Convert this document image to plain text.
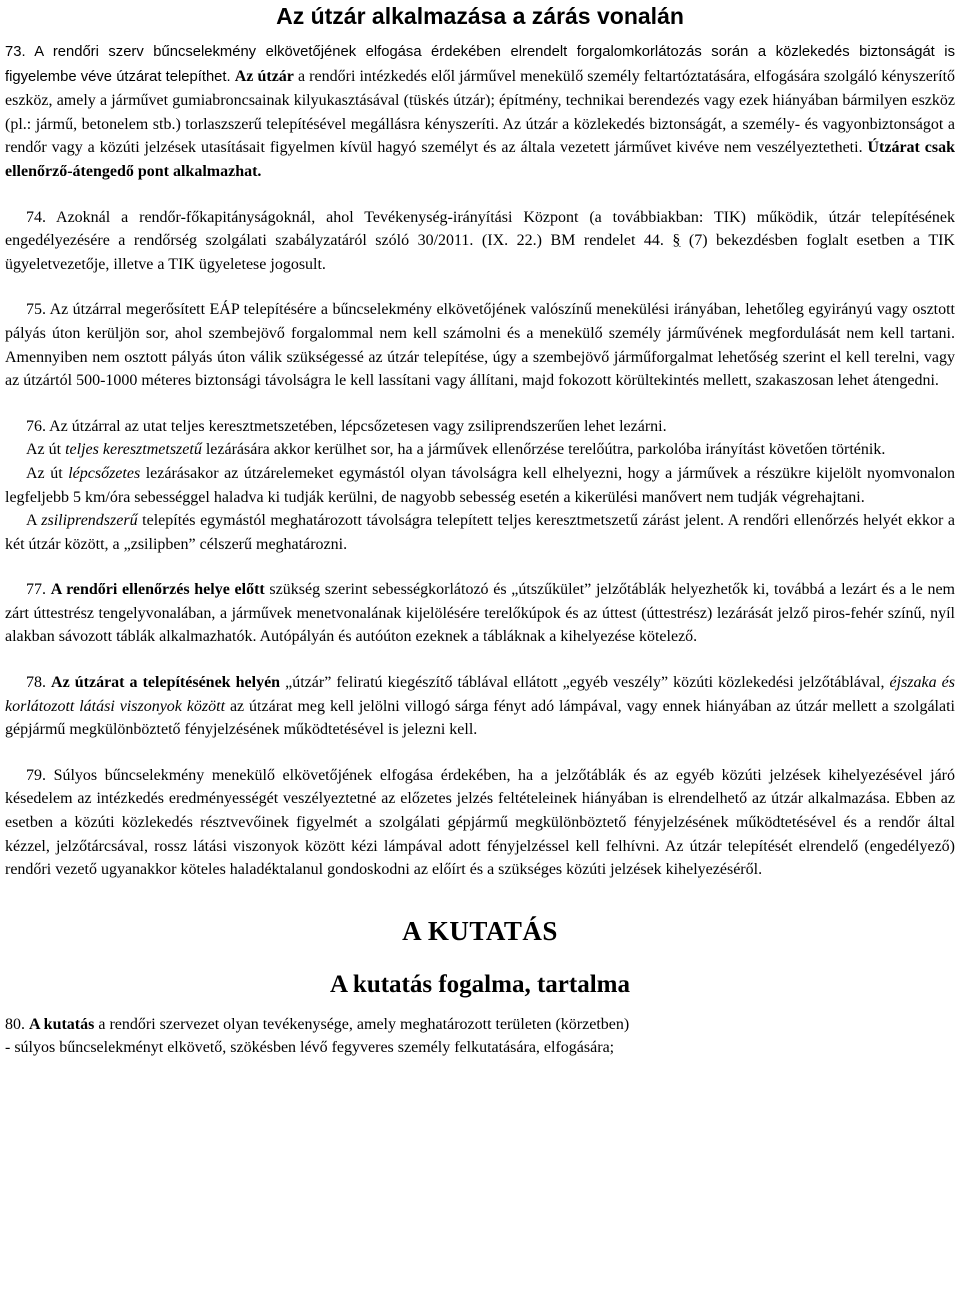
Az útzár alkalmazása a zárás vonalán

73. A rendőri szerv bűncselekmény elkövetőjének elfogása érdekében elrendelt forgalomkorlátozás során a közlekedés biztonságát is figyelembe véve útzárat telepíthet. Az útzár a rendőri intézkedés elől járművel menekülő személy feltartóztatására, elfogására szolgáló kényszerítő eszköz, amely a járművet gumiabroncsainak kilyukasztásával (tüskés útzár); építmény, technikai berendezés vagy ezek hiányában bármilyen eszköz (pl.: jármű, betonelem stb.) torlaszszerű telepítésével megállásra kényszeríti. Az útzár a közlekedés biztonságát, a személy- és vagyonbiztonságot a rendőr vagy a közúti jelzések utasításait figyelmen kívül hagyó személyt és az általa vezetett járművet kivéve nem veszélyeztetheti. Útzárat csak ellenőrző-átengedő pont alkalmazhat.

74. Azoknál a rendőr-főkapitányságoknál, ahol Tevékenység-irányítási Központ (a továbbiakban: TIK) működik, útzár telepítésének engedélyezésére a rendőrség szolgálati szabályzatáról szóló 30/2011. (IX. 22.) BM rendelet 44. § (7) bekezdésben foglalt esetben a TIK ügyeletvezetője, illetve a TIK ügyeletese jogosult.

75. Az útzárral megerősített EÁP telepítésére a bűncselekmény elkövetőjének valószínű menekülési irányában, lehetőleg egyirányú vagy osztott pályás úton kerüljön sor, ahol szembejövő forgalommal nem kell számolni és a menekülő személy járművének megfordulását nem kell tartani. Amennyiben nem osztott pályás úton válik szükségessé az útzár telepítése, úgy a szembejövő járműforgalmat lehetőség szerint el kell terelni, vagy az útzártól 500-1000 méteres biztonsági távolságra le kell lassítani vagy állítani, majd fokozott körültekintés mellett, szakaszosan lehet átengedni.

76. Az útzárral az utat teljes keresztmetszetében, lépcsőzetesen vagy zsiliprendszerűen lehet lezárni.

Az út teljes keresztmetszetű lezárására akkor kerülhet sor, ha a járművek ellenőrzése terelőútra, parkolóba irányítást követően történik.

Az út lépcsőzetes lezárásakor az útzárelemeket egymástól olyan távolságra kell elhelyezni, hogy a járművek a részükre kijelölt nyomvonalon legfeljebb 5 km/óra sebességgel haladva ki tudják kerülni, de nagyobb sebesség esetén a kikerülési manővert nem tudják végrehajtani.

A zsiliprendszerű telepítés egymástól meghatározott távolságra telepített teljes keresztmetszetű zárást jelent. A rendőri ellenőrzés helyét ekkor a két útzár között, a „zsilipben” célszerű meghatározni.

77. A rendőri ellenőrzés helye előtt szükség szerint sebességkorlátozó és „útszűkület” jelzőtáblák helyezhetők ki, továbbá a lezárt és a le nem zárt úttestrész tengelyvonalában, a járművek menetvonalának kijelölésére terelőkúpok és az úttest (úttestrész) lezárását jelző piros-fehér színű, nyíl alakban sávozott táblák alkalmazhatók. Autópályán és autóúton ezeknek a tábláknak a kihelyezése kötelező.

78. Az útzárat a telepítésének helyén „útzár” feliratú kiegészítő táblával ellátott „egyéb veszély” közúti közlekedési jelzőtáblával, éjszaka és korlátozott látási viszonyok között az útzárat meg kell jelölni villogó sárga fényt adó lámpával, vagy ennek hiányában az útzár mellett a szolgálati gépjármű megkülönböztető fényjelzésének működtetésével is jelezni kell.

79. Súlyos bűncselekmény menekülő elkövetőjének elfogása érdekében, ha a jelzőtáblák és az egyéb közúti jelzések kihelyezésével járó késedelem az intézkedés eredményességét veszélyeztetné az előzetes jelzés feltételeinek hiányában is elrendelhető az útzár alkalmazása. Ebben az esetben a közúti közlekedés résztvevőinek figyelmét a szolgálati gépjármű megkülönböztető fényjelzésének működtetésével és a rendőr által kézzel, jelzőtárcsával, rossz látási viszonyok között kézi lámpával adott fényjelzéssel kell felhívni. Az útzár telepítését elrendelő (engedélyező) rendőri vezető ugyanakkor köteles haladéktalanul gondoskodni az előírt és a szükséges közúti jelzések kihelyezéséről.

A KUTATÁS
A kutatás fogalma, tartalma

80. A kutatás a rendőri szervezet olyan tevékenysége, amely meghatározott területen (körzetben)
- súlyos bűncselekményt elkövető, szökésben lévő fegyveres személy felkutatására, elfogására;
